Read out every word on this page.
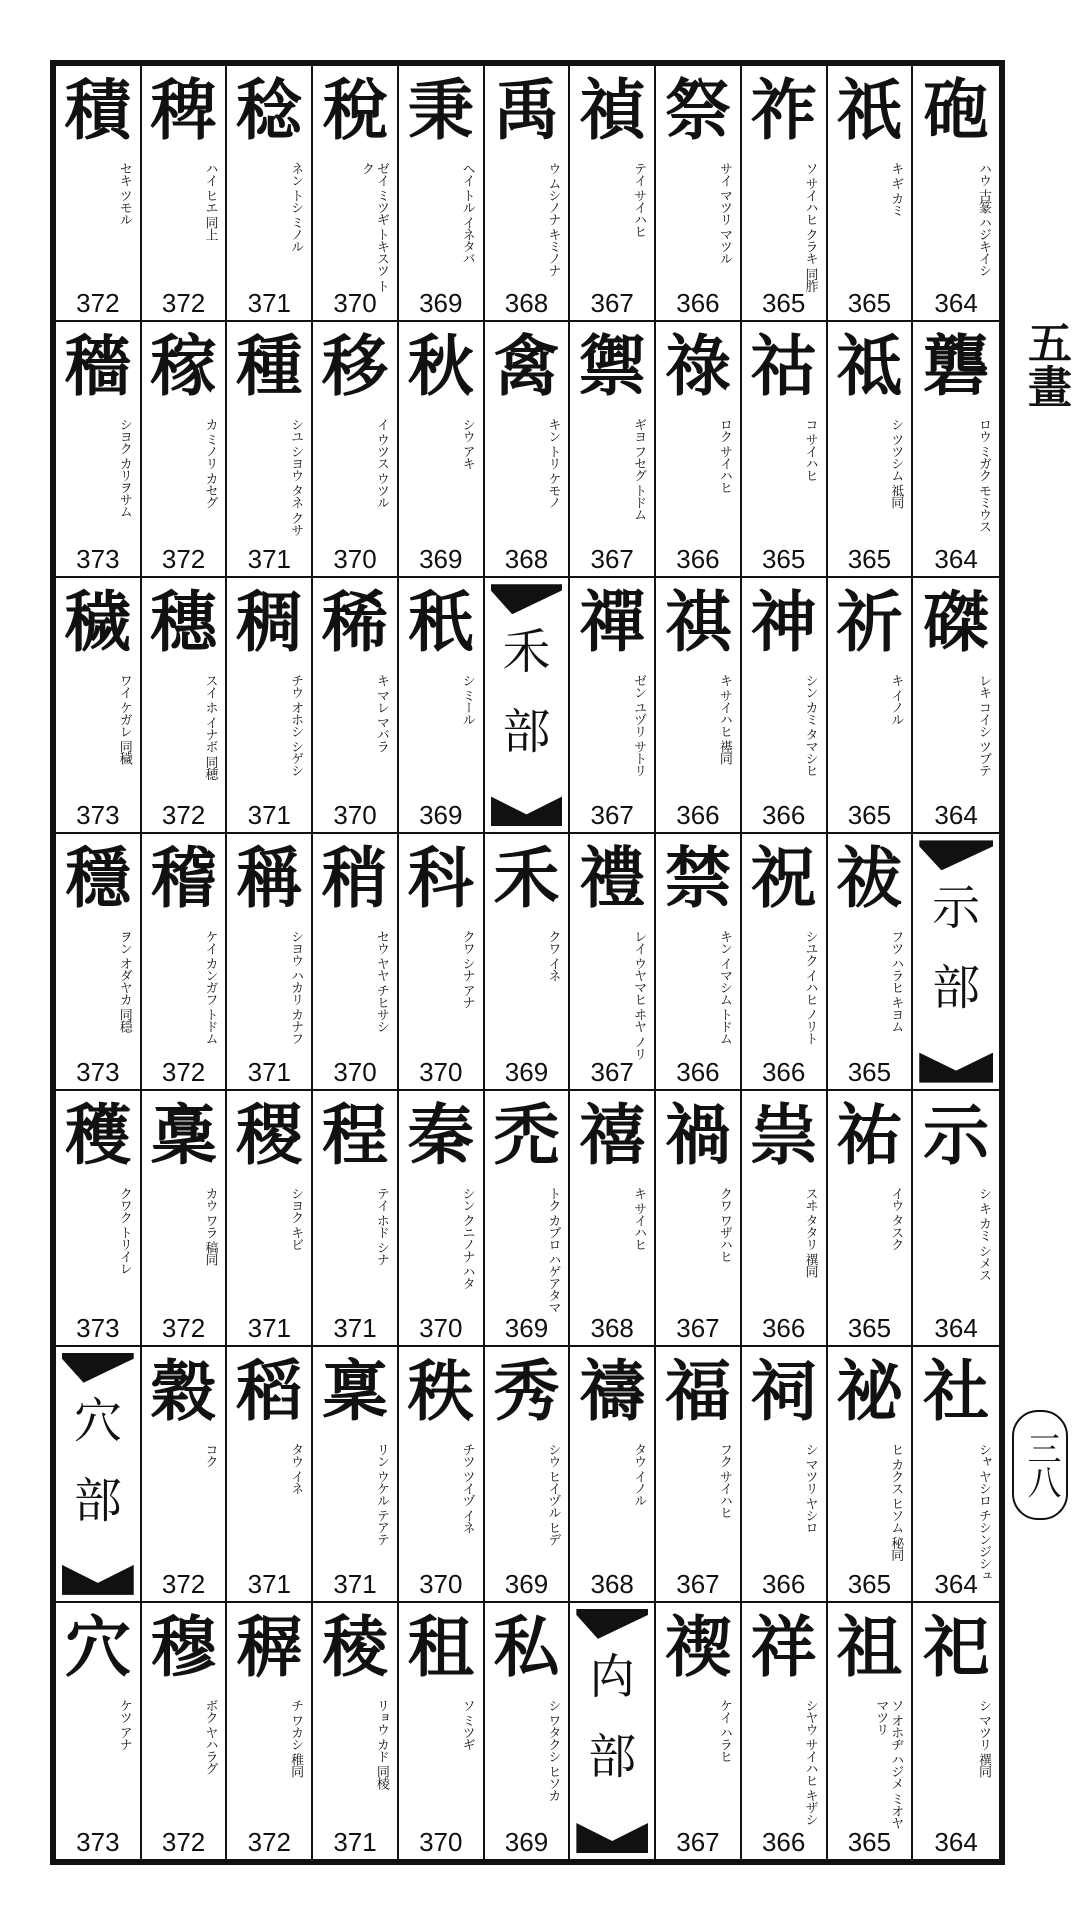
積
セキ ツモル
372
稗
ハイ ヒエ 同上
372
稔
ネン トシ ミノル
371
稅
ゼイ ミツギ トキスツ トク
370
秉
ヘイ トル イネタバ
369
禹
ウ ムシノナ キミノナ
368
禎
テイ サイハヒ
367
祭
サイ マツリ マツル
366
祚
ソ サイハヒ クラキ 同胙
365
祇
キ ギ カミ
365
砲
ハウ 古篆 ハジキイシ
364
穡
シヨク カリヲサム
373
稼
カ ミノリ カセグ
372
種
シユ シヨウ タネ クサ
371
移
イ ウツス ウツル
370
秋
シウ アキ
369
禽
キン トリ ケモノ
368
禦
ギヨ フセグ トドム
367
祿
ロク サイハヒ
366
祜
コ サイハヒ
365
祗
シ ツツシム 祗同
365
礱
ロウ ミガク モミウス
364
穢
ワイ ケガレ 同穢
373
穗
スイ ホ イナボ 同穂
372
稠
チウ オホシ シゲシ
371
稀
キ マレ マバラ
370
秖
シ ミール
369
禾
部
禪
ゼン ユヅリ サトリ
367
祺
キ サイハヒ 禥同
366
神
シン カミ タマシヒ
366
祈
キ イノル
365
磔
レキ コイシ ツブテ
364
穩
ヲン オダヤカ 同穏
373
稽
ケイ カンガフ トドム
372
稱
シヨウ ハカリ カナフ
371
稍
セウ ヤヤ チヒサシ
370
科
クワ シナ アナ
370
禾
クワ イネ
369
禮
レイ ウヤマヒ ヰヤ ノリ
367
禁
キン イマシム トドム
366
祝
シユク イハヒ ノリト
366
祓
フツ ハラヒ キヨム
365
示
部
穫
クワク トリイレ
373
稾
カウ ワラ 稿同
372
稷
シヨク キビ
371
程
テイ ホド シナ
371
秦
シン クニノナ ハタ
370
禿
トク カブロ ハゲアタマ
369
禧
キ サイハヒ
368
禍
クワ ワザハヒ
367
祟
スヰ タタリ 禩同
366
祐
イウ タスク
365
示
シ キ カミ シメス
364
穴
部
穀
コク
372
稻
タウ イネ
371
稟
リン ウケル テアテ
371
秩
チツ ツイヅ イネ
370
秀
シウ ヒイヅル ヒデ
369
禱
タウ イノル
368
福
フク サイハヒ
367
祠
シ マツリ ヤシロ
366
祕
ヒ カクス ヒソム 秘同
365
社
シャ ヤシロ チシンジシュ
364
穴
ケツ アナ
373
穆
ボク ヤハラグ
372
稺
チ ワカシ 稚同
372
稜
リョウ カド 同棱
371
租
ソ ミツギ
370
私
シ ワタクシ ヒソカ
369
禸
部
禊
ケイ ハラヒ
367
祥
シヤウ サイハヒ キザシ
366
祖
ソ オホヂ ハジメ ミオヤ マツリ
365
祀
シ マツリ 禩同
364
五畫
三八
